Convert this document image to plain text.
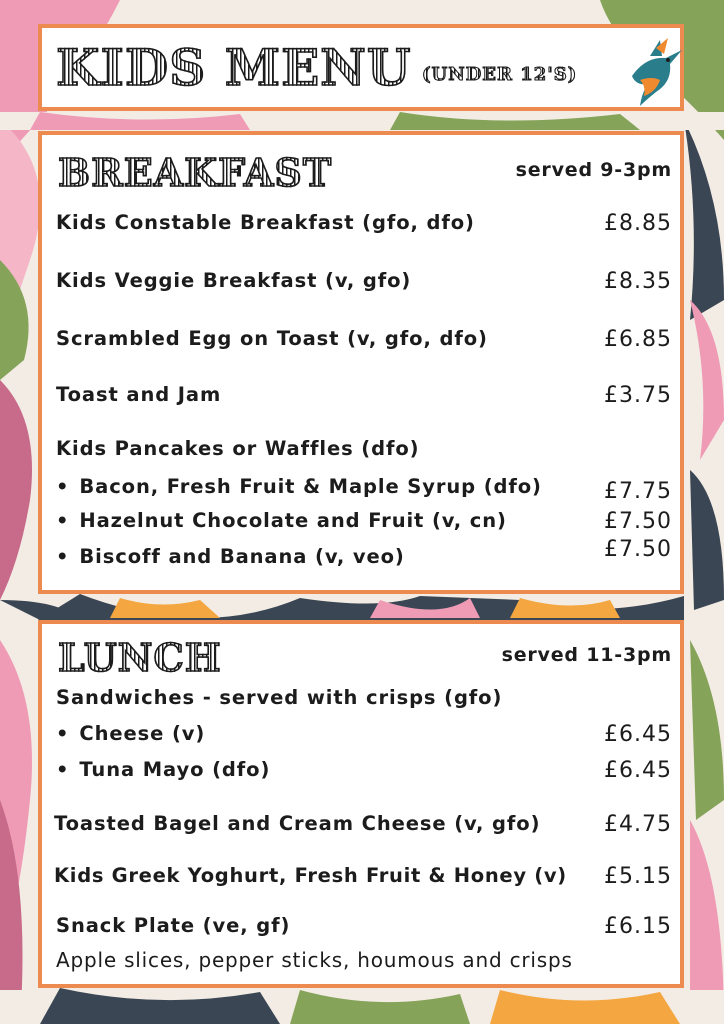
KIDS MENU (UNDER 12'S)
BREAKFAST	served 9-3pm
Kids Constable Breakfast (gfo, dfo)	£8.85
Kids Veggie Breakfast (v, gfo)	£8.35
Scrambled Egg on Toast (v, gfo, dfo)	£6.85
Toast and Jam	£3.75
Kids Pancakes or Waffles (dfo)
• Bacon, Fresh Fruit & Maple Syrup (dfo)	£7.75
• Hazelnut Chocolate and Fruit (v, cn)	£7.50
• Biscoff and Banana (v, veo)	£7.50
LUNCH	served 11-3pm
Sandwiches - served with crisps (gfo)
• Cheese (v)	£6.45
• Tuna Mayo (dfo)	£6.45
Toasted Bagel and Cream Cheese (v, gfo)	£4.75
Kids Greek Yoghurt, Fresh Fruit & Honey (v) £5.15
Snack Plate (ve, gf)	£6.15
Apple slices, pepper sticks, houmous and crisps
